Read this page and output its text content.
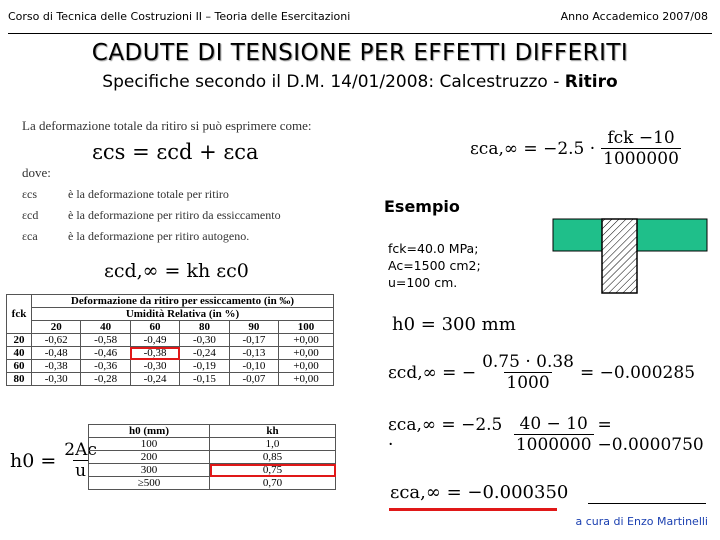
Corso di Tecnica delle Costruzioni II – Teoria delle Esercitazioni	Anno Accademico 2007/08
CADUTE DI TENSIONE PER EFFETTI DIFFERITI
Specifiche secondo il D.M. 14/01/2008: Calcestruzzo - Ritiro
La deformazione totale da ritiro si può esprimere come:
εcs = εcd + εca
dove:
εcs	è la deformazione totale per ritiro
εcd è la deformazione per ritiro da essiccamento
εca	è la deformazione per ritiro autogeno.
εcd,∞ = kh εc0
$\varepsilon ca,\infty = -2.5 \cdot \frac{\text{fck −10}}{1000000}$
fck	Deformazione da ritiro per essiccamento (in ‰)					
	Umidità Relativa (in %)					
	20	40	60	80	90	100
20	-0,62	-0,58	-0,49	-0,30	-0,17	+0,00
40	-0,48	-0,46	-0,38	-0,24	-0,13	+0,00
60	-0,38	-0,36	-0,30	-0,19	-0,10	+0,00
80	-0,30	-0,28	-0,24	-0,15	-0,07	+0,00
$h0 = \frac{2Ac}{u}$
h0 (mm)	kh
100	1,0
200	0,85
300	0,75
≥500	0,70
Esempio
fck=40.0 MPa;
Ac=1500 cm2;
u=100 cm.
h0 = 300 mm
εcd,∞ = − $\frac{0.75 \cdot 0.38}{1000} = -0.000285$
εca,∞ = −2.5 ·	$\frac{40 - 10}{1000000} = -0.0000750$
εca,∞ = −0.000350
a cura di Enzo Martinelli
